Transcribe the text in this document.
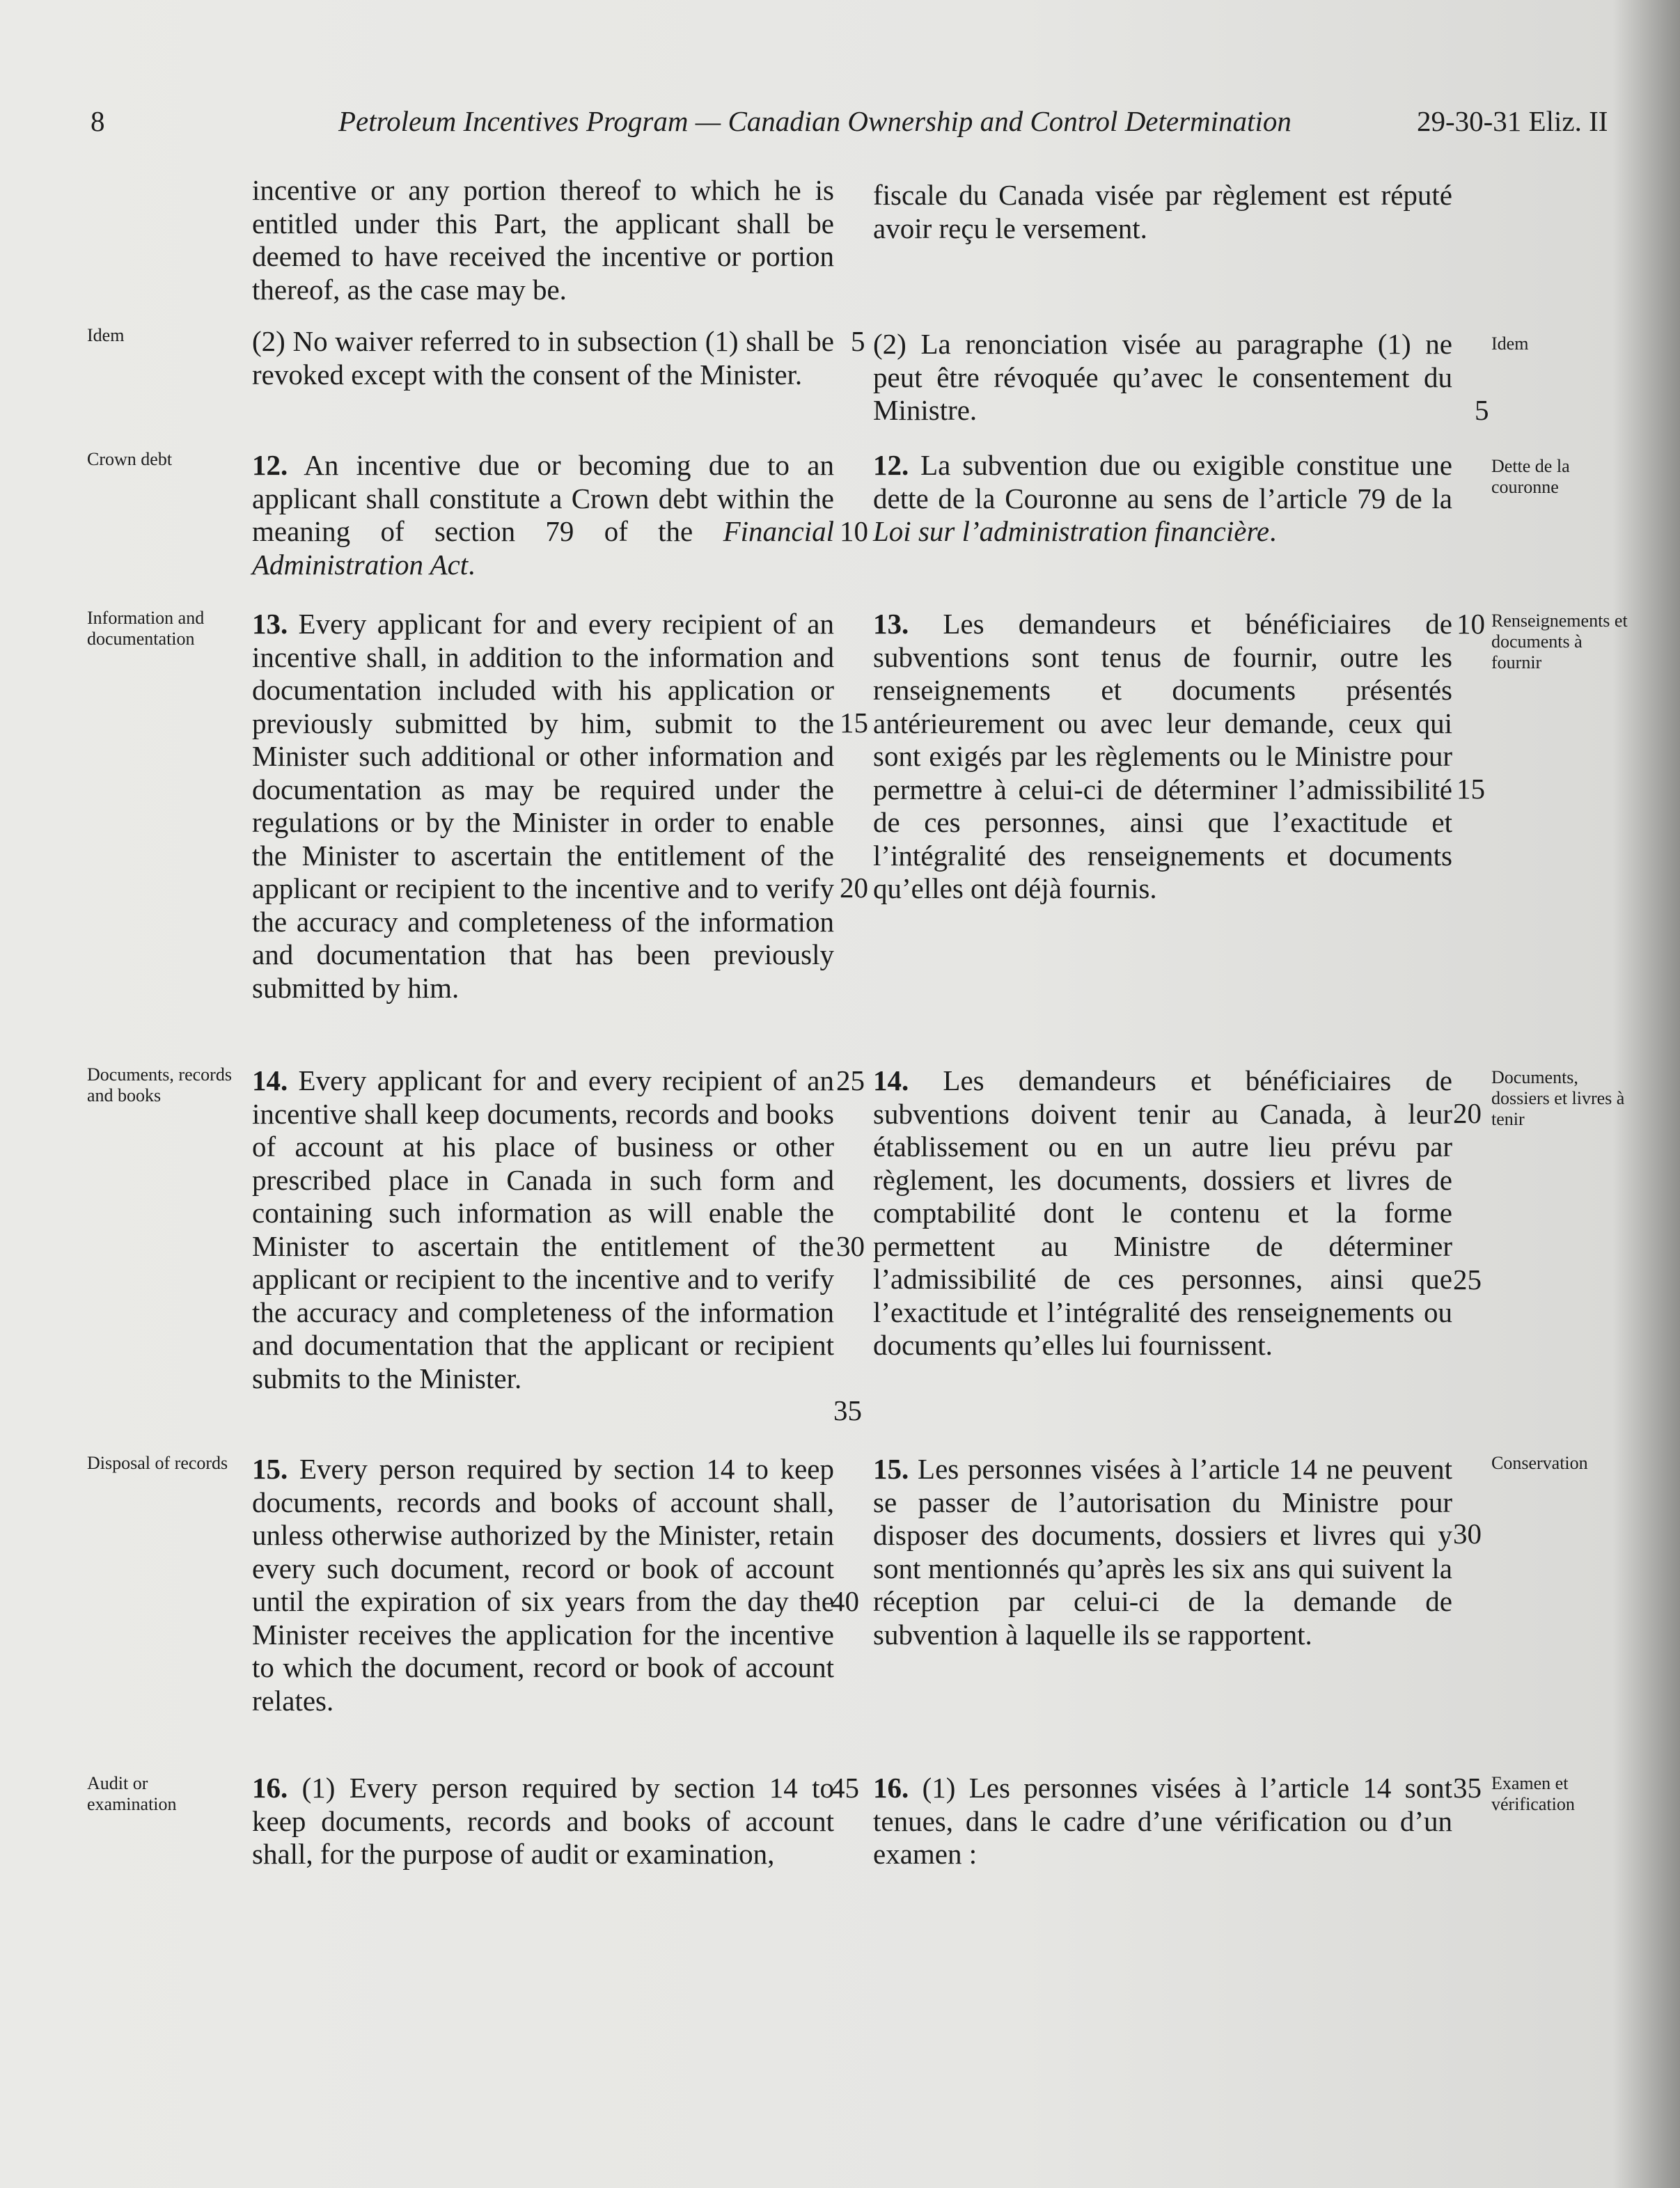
8	Petroleum Incentives Program — Canadian Ownership and Control Determination	29-30-31 Eliz. II

incentive or any portion thereof to which he is entitled under this Part, the applicant shall be deemed to have received the incentive or portion thereof, as the case may be.

(2) No waiver referred to in subsection (1) shall be revoked except with the consent of the Minister.

12. An incentive due or becoming due to an applicant shall constitute a Crown debt within the meaning of section 79 of the Financial Administration Act.

13. Every applicant for and every recipient of an incentive shall, in addition to the information and documentation included with his application or previously submitted by him, submit to the Minister such additional or other information and documentation as may be required under the regulations or by the Minister in order to enable the Minister to ascertain the entitlement of the applicant or recipient to the incentive and to verify the accuracy and completeness of the information and documentation that has been previously submitted by him.

14. Every applicant for and every recipient of an incentive shall keep documents, records and books of account at his place of business or other prescribed place in Canada in such form and containing such information as will enable the Minister to ascertain the entitlement of the applicant or recipient to the incentive and to verify the accuracy and completeness of the information and documentation that the applicant or recipient submits to the Minister.

15. Every person required by section 14 to keep documents, records and books of account shall, unless otherwise authorized by the Minister, retain every such document, record or book of account until the expiration of six years from the day the Minister receives the application for the incentive to which the document, record or book of account relates.

16. (1) Every person required by section 14 to keep documents, records and books of account shall, for the purpose of audit or examination,

fiscale du Canada visée par règlement est réputé avoir reçu le versement.

(2) La renonciation visée au paragraphe (1) ne peut être révoquée qu’avec le consentement du Ministre.

12. La subvention due ou exigible constitue une dette de la Couronne au sens de l’article 79 de la Loi sur l’administration financière.

13. Les demandeurs et bénéficiaires de subventions sont tenus de fournir, outre les renseignements et documents présentés antérieurement ou avec leur demande, ceux qui sont exigés par les règlements ou le Ministre pour permettre à celui-ci de déterminer l’admissibilité de ces personnes, ainsi que l’exactitude et l’intégralité des renseignements et documents qu’elles ont déjà fournis.

14. Les demandeurs et bénéficiaires de subventions doivent tenir au Canada, à leur établissement ou en un autre lieu prévu par règlement, les documents, dossiers et livres de comptabilité dont le contenu et la forme permettent au Ministre de déterminer l’admissibilité de ces personnes, ainsi que l’exactitude et l’intégralité des renseignements ou documents qu’elles lui fournissent.

15. Les personnes visées à l’article 14 ne peuvent se passer de l’autorisation du Ministre pour disposer des documents, dossiers et livres qui y sont mentionnés qu’après les six ans qui suivent la réception par celui-ci de la demande de subvention à laquelle ils se rapportent.

16. (1) Les personnes visées à l’article 14 sont tenues, dans le cadre d’une vérification ou d’un examen :

5
10
15
20
25
30
35
40
45
5
10
15
20
25
30
35
Idem
Crown debt
Information and documentation
Documents, records and books
Disposal of records
Audit or examination
Idem
Dette de la couronne
Renseignements et documents à fournir
Documents, dossiers et livres à tenir
Conservation
Examen et vérification
